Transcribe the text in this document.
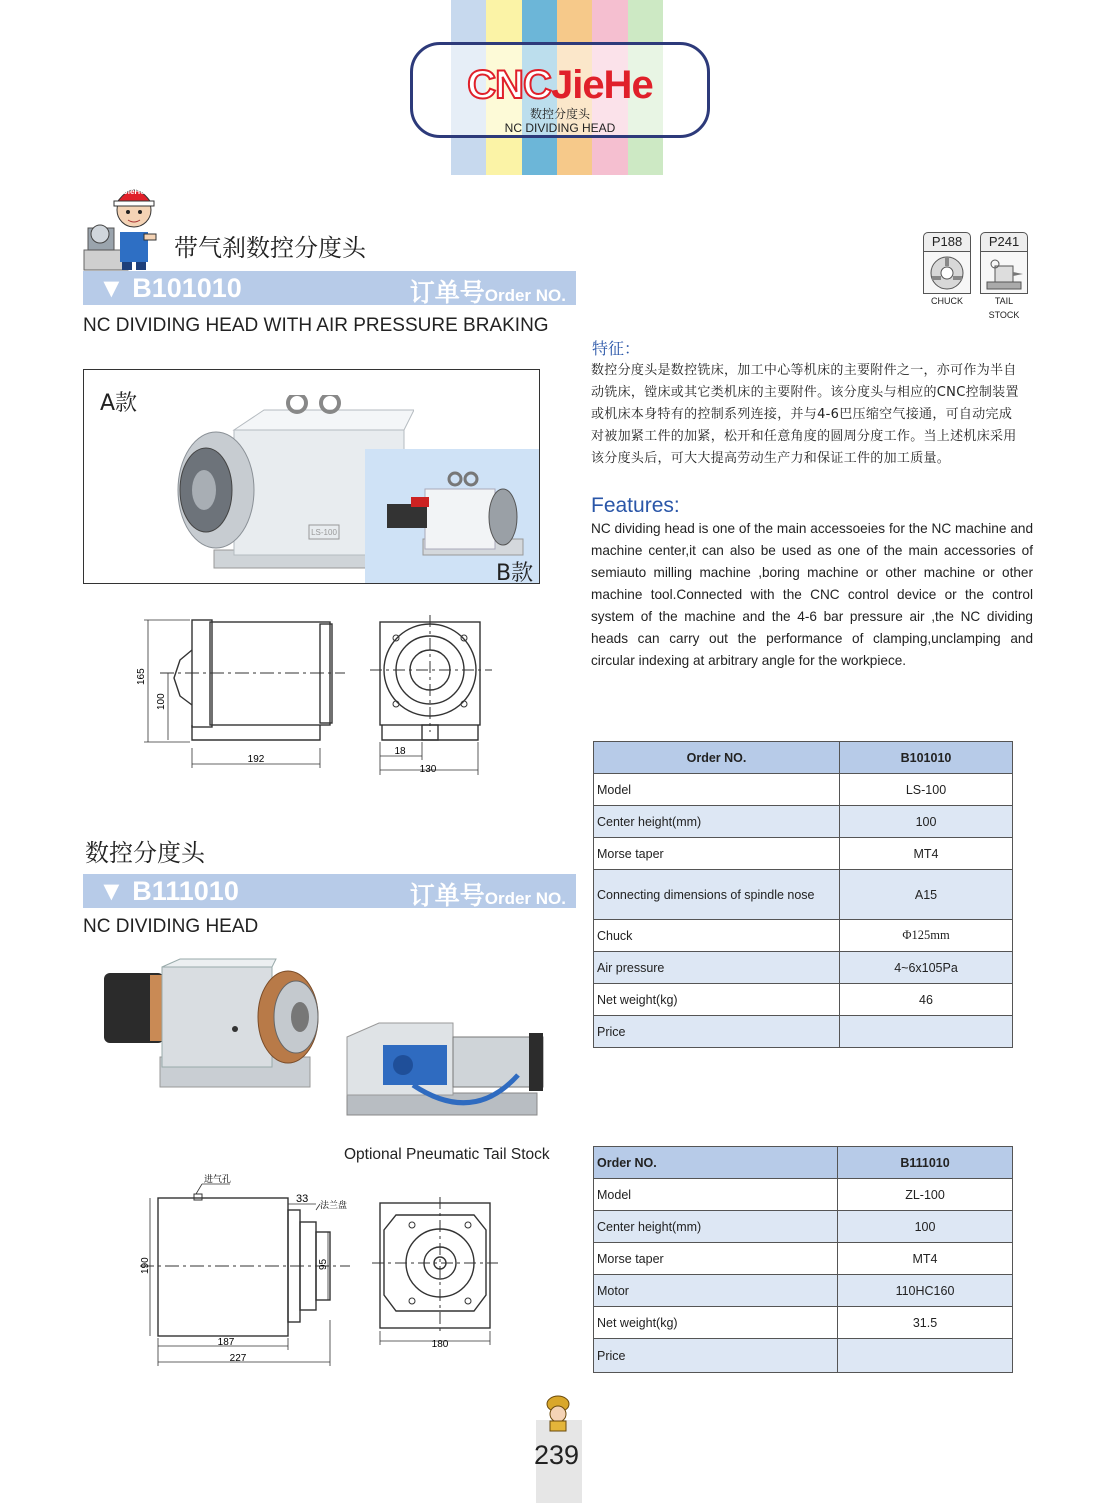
CNCJieHe
数控分度头
NC DIVIDING HEAD
JieHe
带气刹数控分度头
▼ B101010	订单号Order NO.
NC DIVIDING HEAD WITH AIR PRESSURE BRAKING
P188
CHUCK
P241
TAIL STOCK
A款
LS-100
B款
165
100
192
18
130
特征：
数控分度头是数控铣床，加工中心等机床的主要附件之一，亦可作为半自动铣床，镗床或其它类机床的主要附件。该分度头与相应的CNC控制装置或机床本身特有的控制系列连接，并与4-6巴压缩空气接通，可自动完成对被加紧工件的加紧，松开和任意角度的圆周分度工作。当上述机床采用该分度头后，可大大提高劳动生产力和保证工件的加工质量。
Features:
NC dividing head is one of the main accessoeies for the NC machine and machine center,it can also be used as one of the main accessories of semiauto milling machine ,boring machine or other machine or other machine tool.Connected with the CNC control device or the control system of the machine and the 4-6 bar pressure air ,the NC dividing heads can carry out the performance of clamping,unclamping and circular indexing at arbitrary angle for the workpiece.
Order NO.	B101010
Model	LS-100
Center height(mm)	100
Morse taper	MT4
Connecting dimensions of spindle nose	A15
Chuck	Φ125mm
Air pressure	4~6x105Pa
Net weight(kg)	46
Price	
数控分度头
▼ B111010	订单号Order NO.
NC DIVIDING HEAD
Optional Pneumatic Tail Stock
进气孔
法兰盘
33
190	95
187
227
180
Order NO.	B111010
Model	ZL-100
Center height(mm)	100
Morse taper	MT4
Motor	110HC160
Net weight(kg)	31.5
Price	
239
